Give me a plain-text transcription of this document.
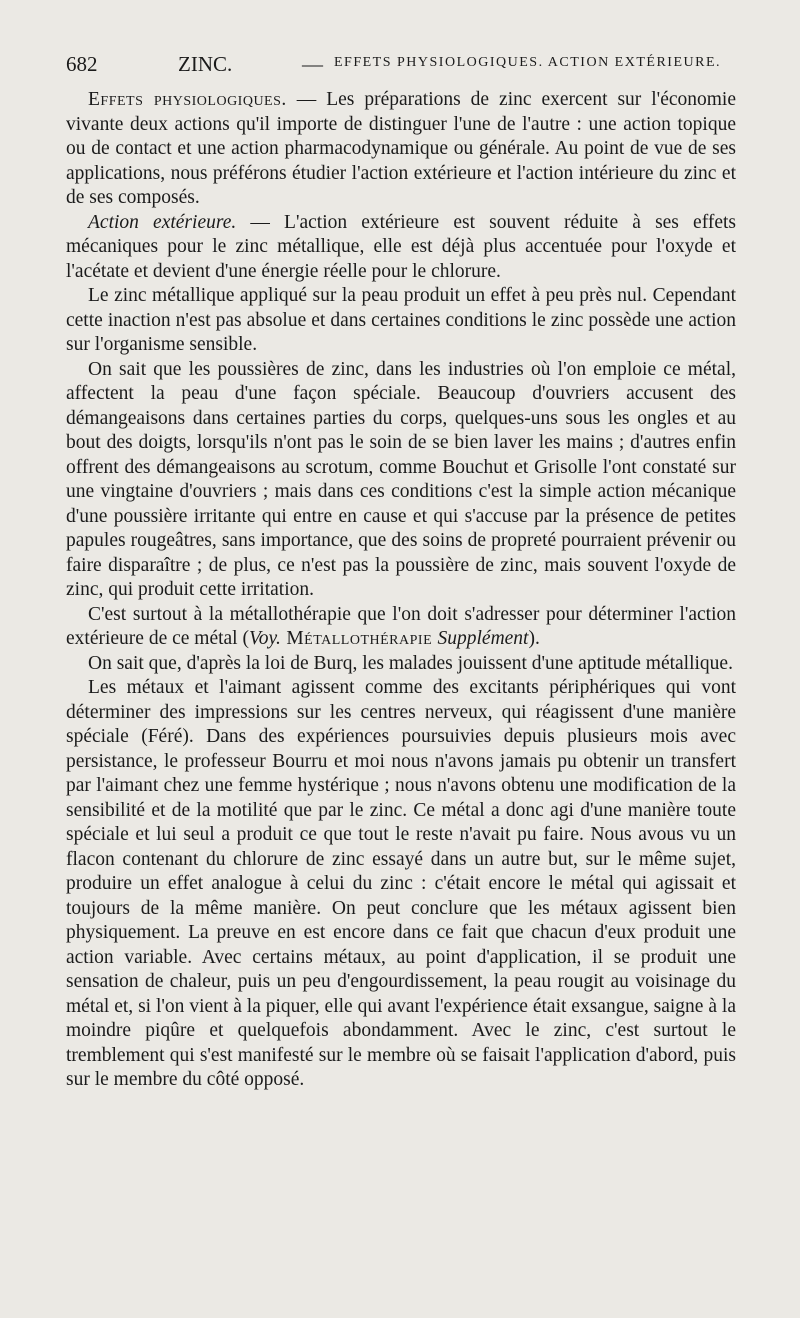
682	ZINC.	— EFFETS PHYSIOLOGIQUES. ACTION EXTÉRIEURE.

Effets physiologiques. — Les préparations de zinc exercent sur l'économie vivante deux actions qu'il importe de distinguer l'une de l'autre : une action topique ou de contact et une action pharmacodynamique ou générale. Au point de vue de ses applications, nous préférons étudier l'action extérieure et l'action intérieure du zinc et de ses composés.

Action extérieure. — L'action extérieure est souvent réduite à ses effets mécaniques pour le zinc métallique, elle est déjà plus accentuée pour l'oxyde et l'acétate et devient d'une énergie réelle pour le chlorure.

Le zinc métallique appliqué sur la peau produit un effet à peu près nul. Cependant cette inaction n'est pas absolue et dans certaines conditions le zinc possède une action sur l'organisme sensible.

On sait que les poussières de zinc, dans les industries où l'on emploie ce métal, affectent la peau d'une façon spéciale. Beaucoup d'ouvriers accusent des démangeaisons dans certaines parties du corps, quelques-uns sous les ongles et au bout des doigts, lorsqu'ils n'ont pas le soin de se bien laver les mains ; d'autres enfin offrent des démangeaisons au scrotum, comme Bouchut et Grisolle l'ont constaté sur une vingtaine d'ouvriers ; mais dans ces conditions c'est la simple action mécanique d'une poussière irritante qui entre en cause et qui s'accuse par la présence de petites papules rougeâtres, sans importance, que des soins de propreté pourraient prévenir ou faire disparaître ; de plus, ce n'est pas la poussière de zinc, mais souvent l'oxyde de zinc, qui produit cette irritation.

C'est surtout à la métallothérapie que l'on doit s'adresser pour déterminer l'action extérieure de ce métal (Voy. Métallothérapie Supplément).

On sait que, d'après la loi de Burq, les malades jouissent d'une aptitude métallique.

Les métaux et l'aimant agissent comme des excitants périphériques qui vont déterminer des impressions sur les centres nerveux, qui réagissent d'une manière spéciale (Féré). Dans des expériences poursuivies depuis plusieurs mois avec persistance, le professeur Bourru et moi nous n'avons jamais pu obtenir un transfert par l'aimant chez une femme hystérique ; nous n'avons obtenu une modification de la sensibilité et de la motilité que par le zinc. Ce métal a donc agi d'une manière toute spéciale et lui seul a produit ce que tout le reste n'avait pu faire. Nous avous vu un flacon contenant du chlorure de zinc essayé dans un autre but, sur le même sujet, produire un effet analogue à celui du zinc : c'était encore le métal qui agissait et toujours de la même manière. On peut conclure que les métaux agissent bien physiquement. La preuve en est encore dans ce fait que chacun d'eux produit une action variable. Avec certains métaux, au point d'application, il se produit une sensation de chaleur, puis un peu d'engourdissement, la peau rougit au voisinage du métal et, si l'on vient à la piquer, elle qui avant l'expérience était exsangue, saigne à la moindre piqûre et quelquefois abondamment. Avec le zinc, c'est surtout le tremblement qui s'est manifesté sur le membre où se faisait l'application d'abord, puis sur le membre du côté opposé.
